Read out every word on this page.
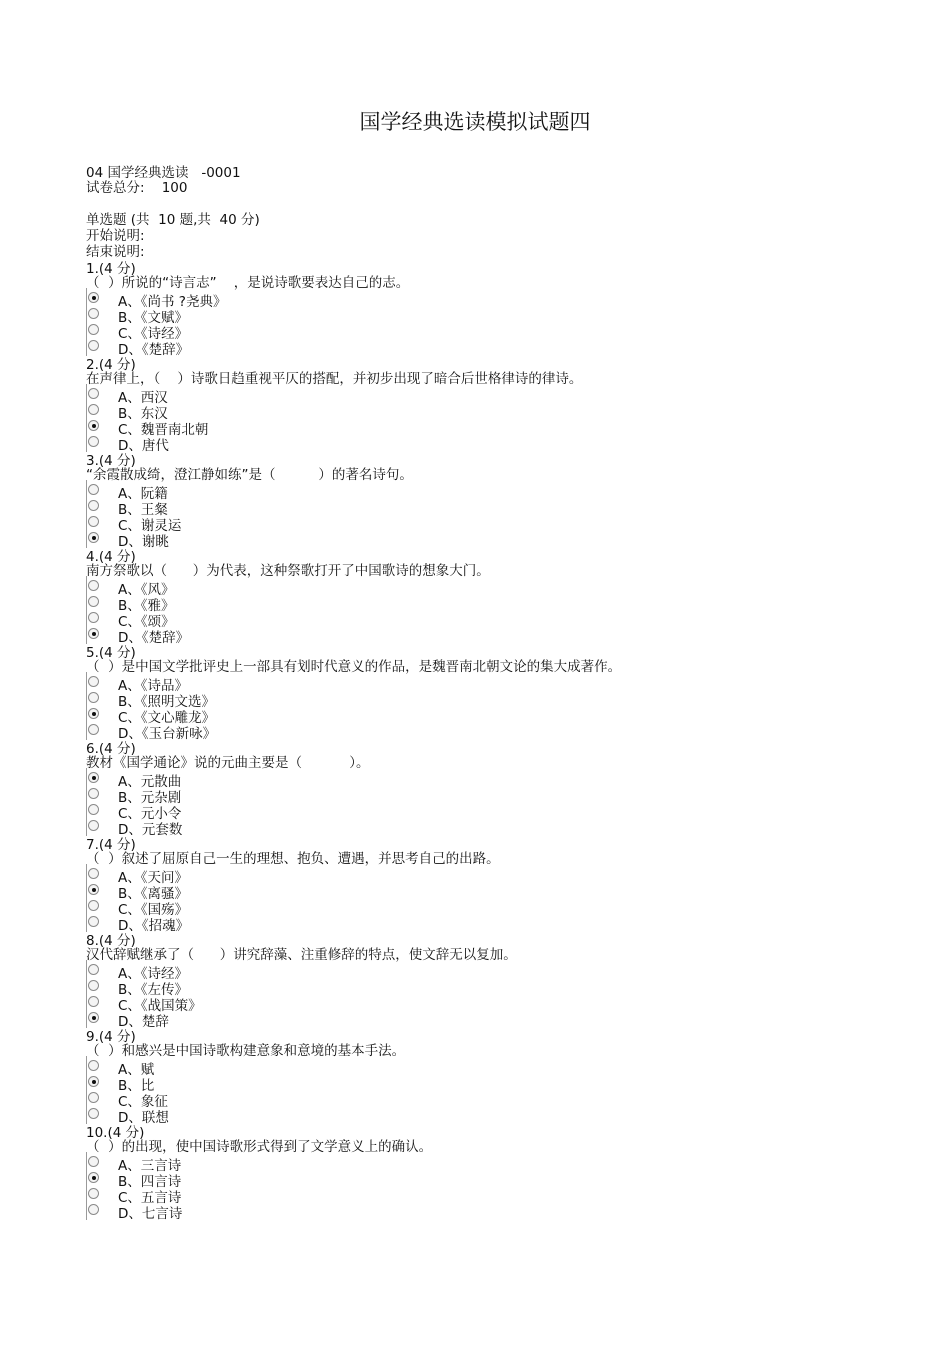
国学经典选读模拟试题四
04 国学经典选读   -0001
试卷总分:    100
单选题 (共  10 题,共  40 分)
开始说明:
结束说明:
1.(4 分)
（  ）所说的“诗言志”    ，是说诗歌要表达自己的志。
A、《尚书 ?尧典》
B、《文赋》
C、《诗经》
D、《楚辞》
2.(4 分)
在声律上，（    ）诗歌日趋重视平仄的搭配，并初步出现了暗合后世格律诗的律诗。
A、西汉
B、东汉
C、魏晋南北朝
D、唐代
3.(4 分)
“余霞散成绮，澄江静如练”是（          ）的著名诗句。
A、阮籍
B、王粲
C、谢灵运
D、谢眺
4.(4 分)
南方祭歌以（      ）为代表，这种祭歌打开了中国歌诗的想象大门。
A、《风》
B、《雅》
C、《颂》
D、《楚辞》
5.(4 分)
（  ）是中国文学批评史上一部具有划时代意义的作品，是魏晋南北朝文论的集大成著作。
A、《诗品》
B、《照明文选》
C、《文心雕龙》
D、《玉台新咏》
6.(4 分)
教材《国学通论》说的元曲主要是（           ）。
A、元散曲
B、元杂剧
C、元小令
D、元套数
7.(4 分)
（  ）叙述了屈原自己一生的理想、抱负、遭遇，并思考自己的出路。
A、《天问》
B、《离骚》
C、《国殇》
D、《招魂》
8.(4 分)
汉代辞赋继承了（      ）讲究辞藻、注重修辞的特点，使文辞无以复加。
A、《诗经》
B、《左传》
C、《战国策》
D、楚辞
9.(4 分)
（  ）和感兴是中国诗歌构建意象和意境的基本手法。
A、赋
B、比
C、象征
D、联想
10.(4 分)
（  ）的出现，使中国诗歌形式得到了文学意义上的确认。
A、三言诗
B、四言诗
C、五言诗
D、七言诗
